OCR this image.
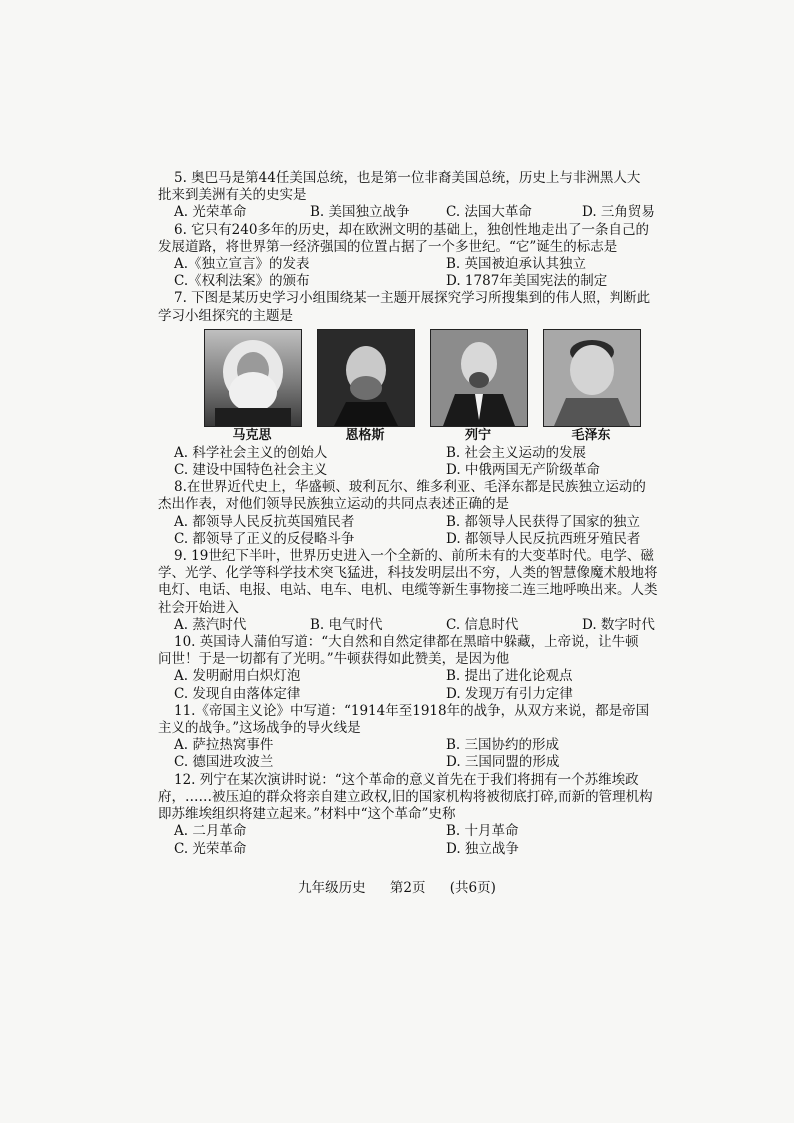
5. 奥巴马是第44任美国总统，也是第一位非裔美国总统，历史上与非洲黑人大
批来到美洲有关的史实是
A. 光荣革命	B. 美国独立战争	C. 法国大革命	D. 三角贸易
6. 它只有240多年的历史，却在欧洲文明的基础上，独创性地走出了一条自己的
发展道路，将世界第一经济强国的位置占据了一个多世纪。“它”诞生的标志是
A.《独立宣言》的发表	B. 英国被迫承认其独立
C.《权利法案》的颁布	D. 1787年美国宪法的制定
7. 下图是某历史学习小组围绕某一主题开展探究学习所搜集到的伟人照，判断此
学习小组探究的主题是
马克思	恩格斯	列宁	毛泽东
A. 科学社会主义的创始人	B. 社会主义运动的发展
C. 建设中国特色社会主义	D. 中俄两国无产阶级革命
8.在世界近代史上，华盛顿、玻利瓦尔、维多利亚、毛泽东都是民族独立运动的
杰出作表，对他们领导民族独立运动的共同点表述正确的是
A. 都领导人民反抗英国殖民者	B. 都领导人民获得了国家的独立
C. 都领导了正义的反侵略斗争	D. 都领导人民反抗西班牙殖民者
9. 19世纪下半叶，世界历史进入一个全新的、前所未有的大变革时代。电学、磁
学、光学、化学等科学技术突飞猛进，科技发明层出不穷，人类的智慧像魔术般地将
电灯、电话、电报、电站、电车、电机、电缆等新生事物接二连三地呼唤出来。人类
社会开始进入
A. 蒸汽时代	B. 电气时代	C. 信息时代	D. 数字时代
10. 英国诗人蒲伯写道：“大自然和自然定律都在黑暗中躲藏，上帝说，让牛顿
问世！于是一切都有了光明。”牛顿获得如此赞美，是因为他
A. 发明耐用白炽灯泡	B. 提出了进化论观点
C. 发现自由落体定律	D. 发现万有引力定律
11.《帝国主义论》中写道：“1914年至1918年的战争，从双方来说，都是帝国
主义的战争。”这场战争的导火线是
A. 萨拉热窝事件	B. 三国协约的形成
C. 德国进攻波兰	D. 三国同盟的形成
12. 列宁在某次演讲时说：“这个革命的意义首先在于我们将拥有一个苏维埃政
府，……被压迫的群众将亲自建立政权,旧的国家机构将被彻底打碎,而新的管理机构
即苏维埃组织将建立起来。”材料中“这个革命”史称
A. 二月革命	B. 十月革命
C. 光荣革命	D. 独立战争
九年级历史 第2页 (共6页)
